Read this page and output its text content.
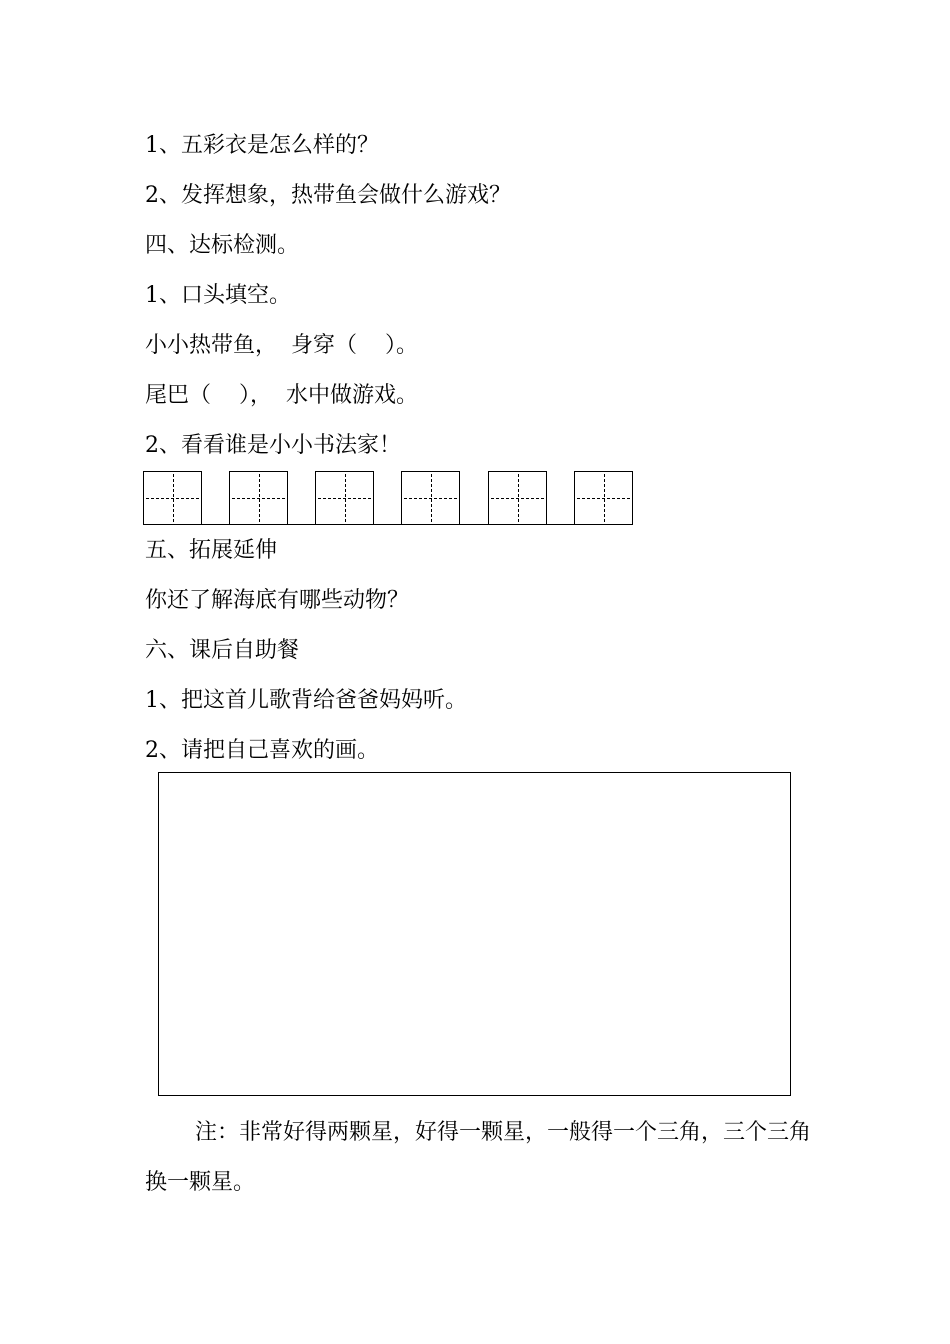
1、五彩衣是怎么样的？
2、发挥想象，热带鱼会做什么游戏？
四、达标检测。
1、口头填空。
小小热带鱼，  身穿（    ）。
尾巴（    ），  水中做游戏。
2、看看谁是小小书法家！
五、拓展延伸
你还了解海底有哪些动物？
六、课后自助餐
1、把这首儿歌背给爸爸妈妈听。
2、请把自己喜欢的画。
注：非常好得两颗星，好得一颗星，一般得一个三角，三个三角换一颗星。
